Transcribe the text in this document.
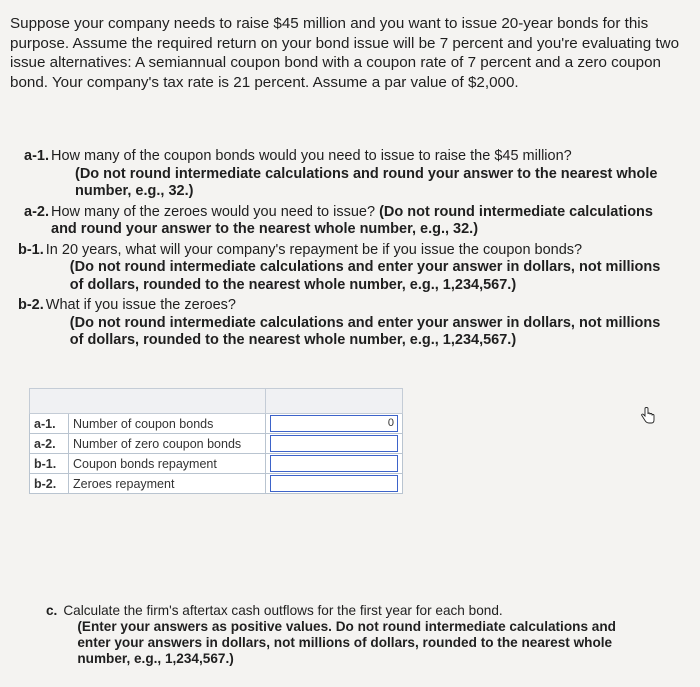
Suppose your company needs to raise $45 million and you want to issue 20-year bonds for this purpose. Assume the required return on your bond issue will be 7 percent and you're evaluating two issue alternatives: A semiannual coupon bond with a coupon rate of 7 percent and a zero coupon bond. Your company's tax rate is 21 percent. Assume a par value of $2,000.

a-1. How many of the coupon bonds would you need to issue to raise the $45 million?
(Do not round intermediate calculations and round your answer to the nearest whole number, e.g., 32.)
a-2. How many of the zeroes would you need to issue? (Do not round intermediate calculations and round your answer to the nearest whole number, e.g., 32.)
b-1. In 20 years, what will your company's repayment be if you issue the coupon bonds?
(Do not round intermediate calculations and enter your answer in dollars, not millions of dollars, rounded to the nearest whole number, e.g., 1,234,567.)
b-2. What if you issue the zeroes?
(Do not round intermediate calculations and enter your answer in dollars, not millions of dollars, rounded to the nearest whole number, e.g., 1,234,567.)

a-1.	Number of coupon bonds	0

a-2.	Number of zero coupon bonds	

b-1.	Coupon bonds repayment	

b-2.	Zeroes repayment	
c. Calculate the firm's aftertax cash outflows for the first year for each bond.
(Enter your answers as positive values. Do not round intermediate calculations and enter your answers in dollars, not millions of dollars, rounded to the nearest whole number, e.g., 1,234,567.)
